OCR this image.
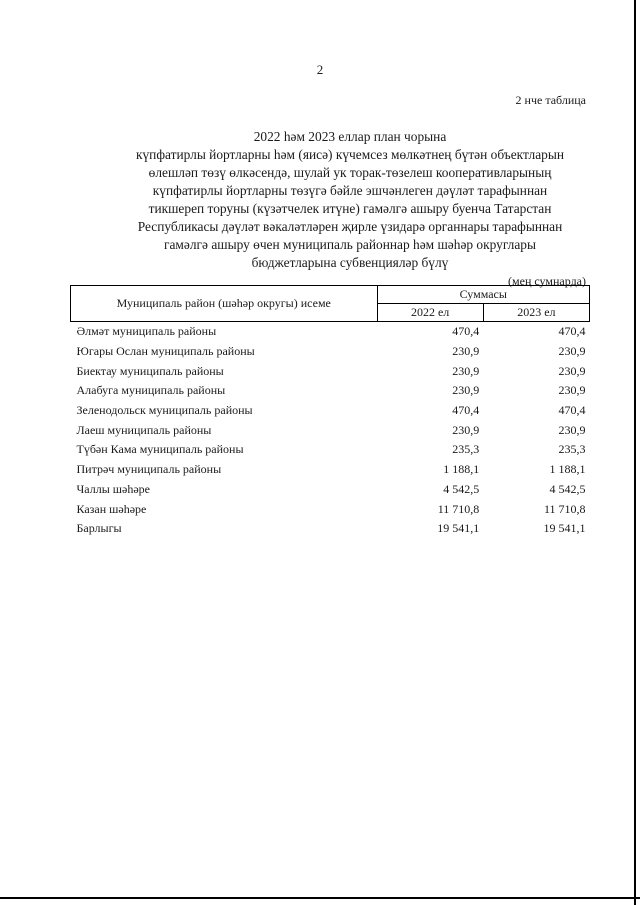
2
2 нче таблица
2022 һәм 2023 еллар план чорына
күпфатирлы йортларны һәм (яисә) күчемсез мөлкәтнең бүтән объектларын
өлешләп төзү өлкәсендә, шулай ук торак-төзелеш кооперативларының
күпфатирлы йортларны төзүгә бәйле эшчәнлеген дәүләт тарафыннан
тикшереп торуны (күзәтчелек итүне) гамәлгә ашыру буенча Татарстан
Республикасы дәүләт вәкаләтләрен җирле үзидарә органнары тарафыннан
гамәлгә ашыру өчен муниципаль районнар һәм шәһәр округлары
бюджетларына субвенцияләр бүлү
(мең сумнарда)
Муниципаль район (шәһәр округы) исеме	Суммасы	
	2022 ел	2023 ел
Әлмәт муниципаль районы	470,4	470,4
Югары Ослан муниципаль районы	230,9	230,9
Биектау муниципаль районы	230,9	230,9
Алабуга муниципаль районы	230,9	230,9
Зеленодольск муниципаль районы	470,4	470,4
Лаеш муниципаль районы	230,9	230,9
Түбән Кама муниципаль районы	235,3	235,3
Питрәч муниципаль районы	1 188,1	1 188,1
Чаллы шәһәре	4 542,5	4 542,5
Казан шәһәре	11 710,8	11 710,8
Барлыгы	19 541,1	19 541,1
